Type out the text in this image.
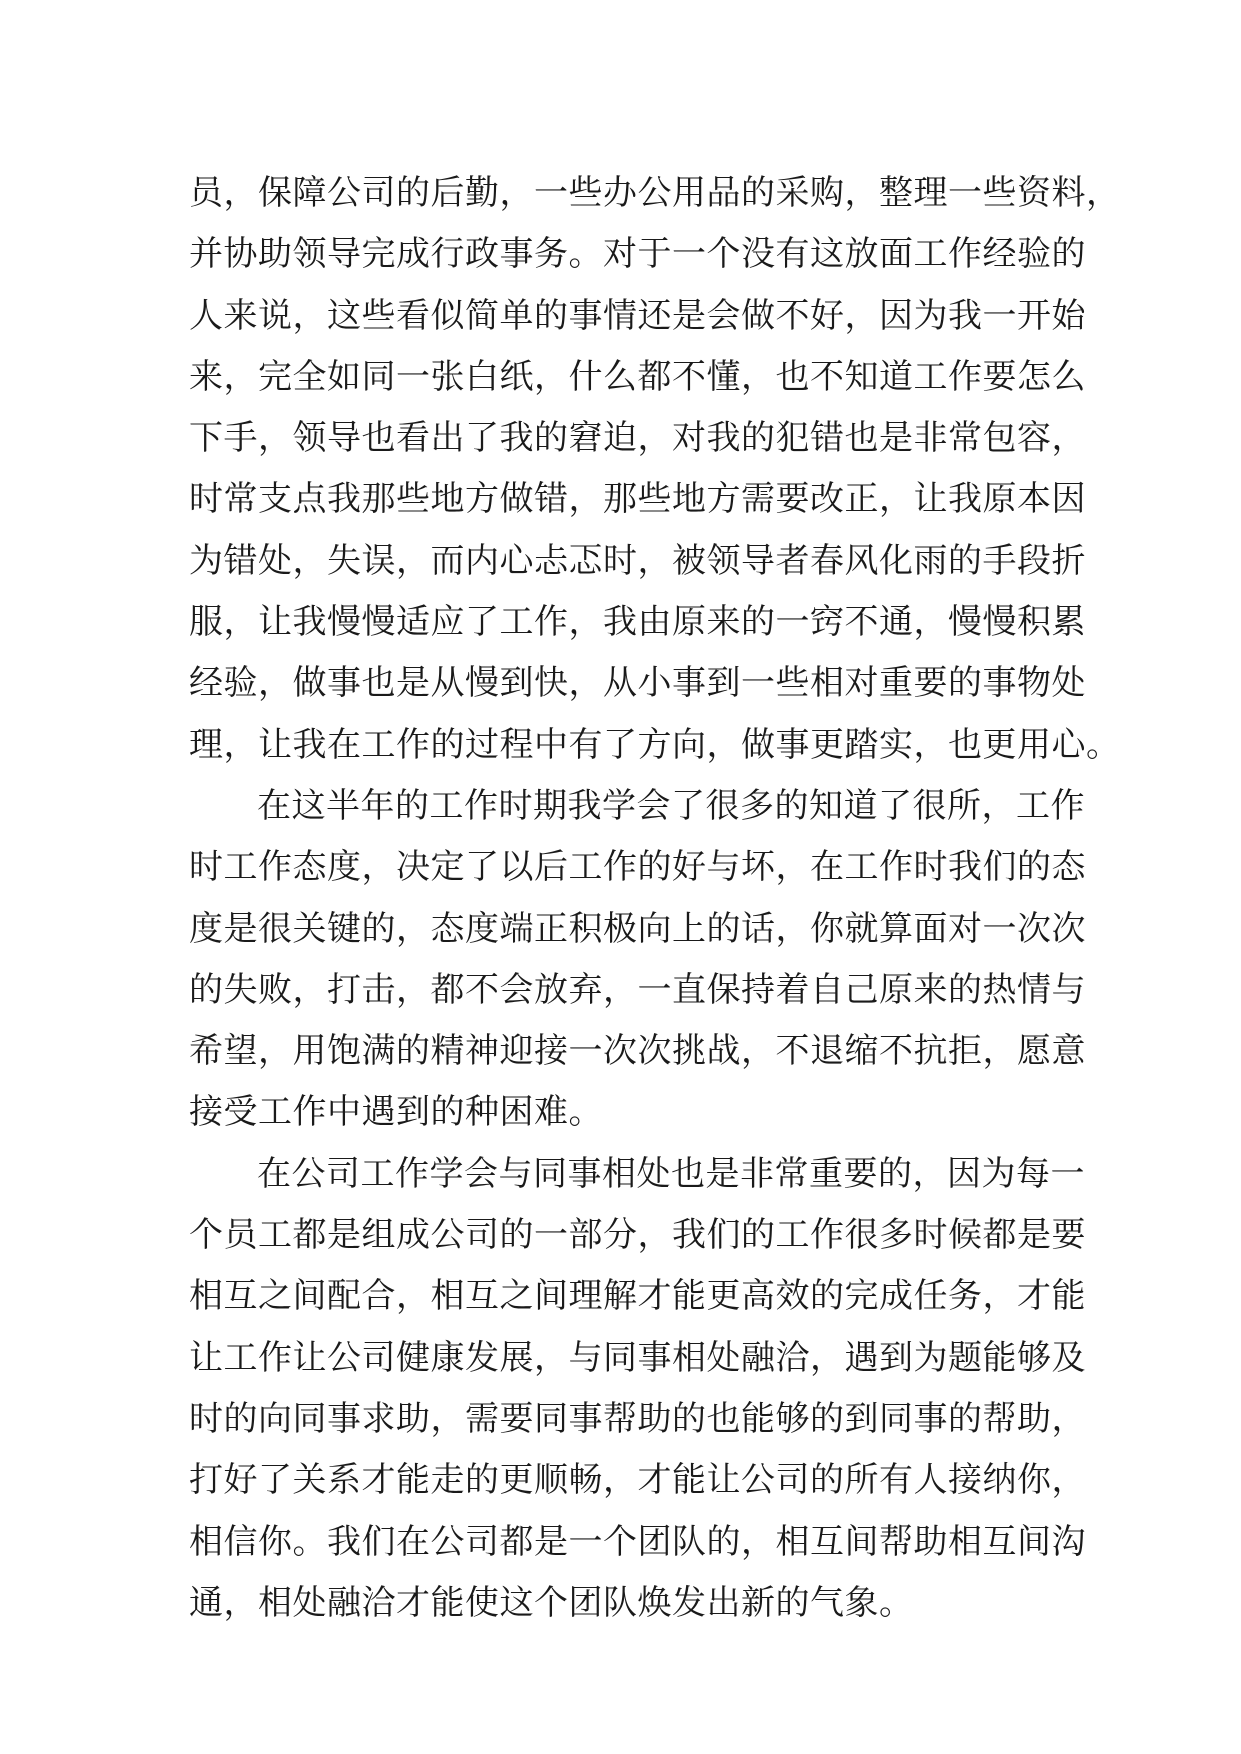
员，保障公司的后勤，一些办公用品的采购，整理一些资料，
并协助领导完成行政事务。对于一个没有这放面工作经验的
人来说，这些看似简单的事情还是会做不好，因为我一开始
来，完全如同一张白纸，什么都不懂，也不知道工作要怎么
下手，领导也看出了我的窘迫，对我的犯错也是非常包容，
时常支点我那些地方做错，那些地方需要改正，让我原本因
为错处，失误，而内心忐忑时，被领导者春风化雨的手段折
服，让我慢慢适应了工作，我由原来的一窍不通，慢慢积累
经验，做事也是从慢到快，从小事到一些相对重要的事物处
理，让我在工作的过程中有了方向，做事更踏实，也更用心。
在这半年的工作时期我学会了很多的知道了很所，工作
时工作态度，决定了以后工作的好与坏，在工作时我们的态
度是很关键的，态度端正积极向上的话，你就算面对一次次
的失败，打击，都不会放弃，一直保持着自己原来的热情与
希望，用饱满的精神迎接一次次挑战，不退缩不抗拒，愿意
接受工作中遇到的种困难。
在公司工作学会与同事相处也是非常重要的，因为每一
个员工都是组成公司的一部分，我们的工作很多时候都是要
相互之间配合，相互之间理解才能更高效的完成任务，才能
让工作让公司健康发展，与同事相处融洽，遇到为题能够及
时的向同事求助，需要同事帮助的也能够的到同事的帮助，
打好了关系才能走的更顺畅，才能让公司的所有人接纳你，
相信你。我们在公司都是一个团队的，相互间帮助相互间沟
通，相处融洽才能使这个团队焕发出新的气象。
